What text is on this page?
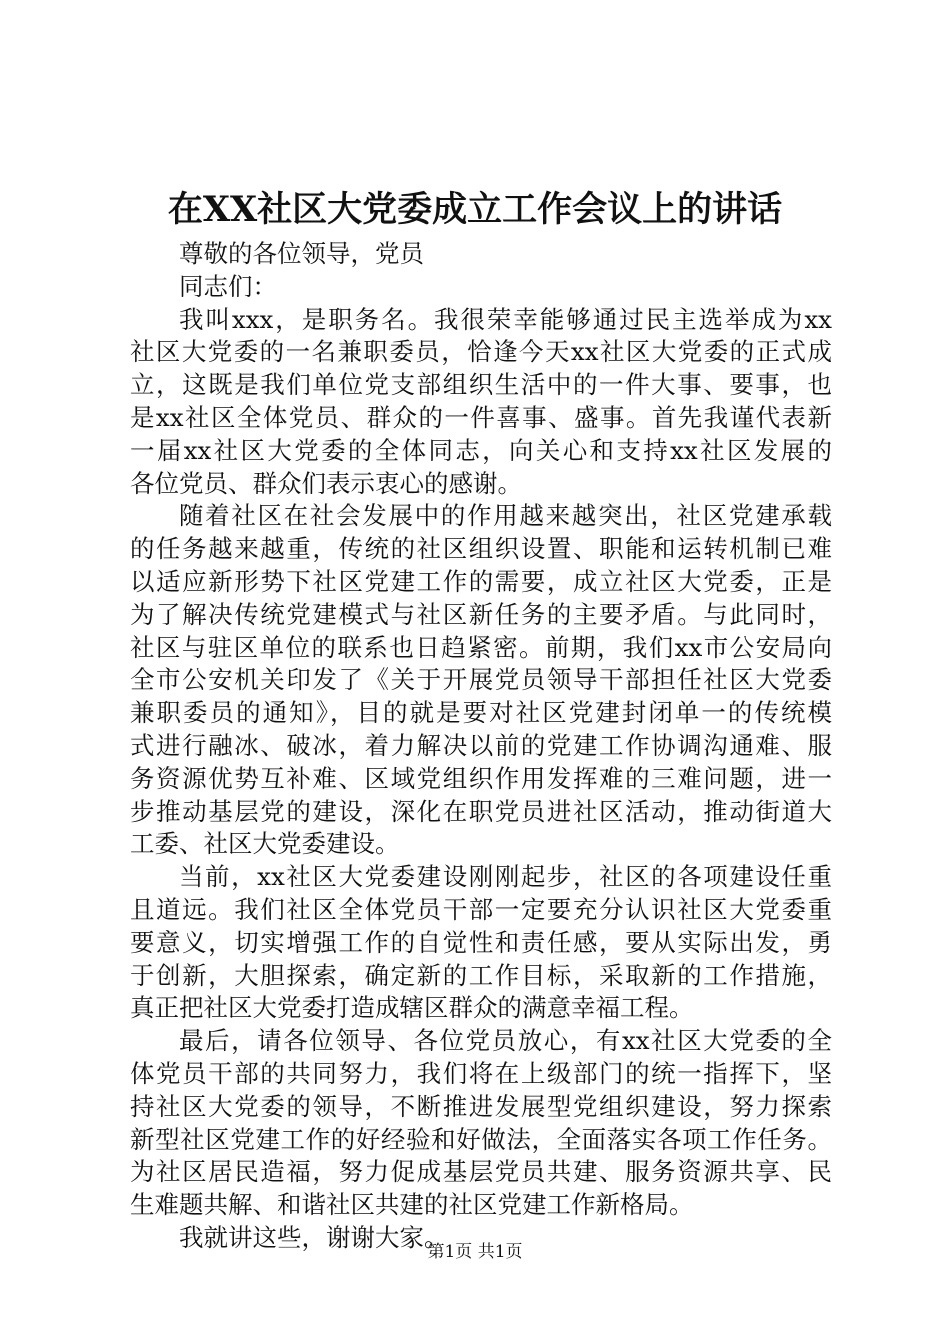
在XX社区大党委成立工作会议上的讲话
尊敬的各位领导，党员
同志们：
我叫xxx，是职务名。我很荣幸能够通过民主选举成为xx
社区大党委的一名兼职委员，恰逢今天xx社区大党委的正式成
立，这既是我们单位党支部组织生活中的一件大事、要事，也
是xx社区全体党员、群众的一件喜事、盛事。首先我谨代表新
一届xx社区大党委的全体同志，向关心和支持xx社区发展的
各位党员、群众们表示衷心的感谢。
随着社区在社会发展中的作用越来越突出，社区党建承载
的任务越来越重，传统的社区组织设置、职能和运转机制已难
以适应新形势下社区党建工作的需要，成立社区大党委，正是
为了解决传统党建模式与社区新任务的主要矛盾。与此同时，
社区与驻区单位的联系也日趋紧密。前期，我们xx市公安局向
全市公安机关印发了《关于开展党员领导干部担任社区大党委
兼职委员的通知》，目的就是要对社区党建封闭单一的传统模
式进行融冰、破冰，着力解决以前的党建工作协调沟通难、服
务资源优势互补难、区域党组织作用发挥难的三难问题，进一
步推动基层党的建设，深化在职党员进社区活动，推动街道大
工委、社区大党委建设。
当前，xx社区大党委建设刚刚起步，社区的各项建设任重
且道远。我们社区全体党员干部一定要充分认识社区大党委重
要意义，切实增强工作的自觉性和责任感，要从实际出发，勇
于创新，大胆探索，确定新的工作目标，采取新的工作措施，
真正把社区大党委打造成辖区群众的满意幸福工程。
最后，请各位领导、各位党员放心，有xx社区大党委的全
体党员干部的共同努力，我们将在上级部门的统一指挥下，坚
持社区大党委的领导，不断推进发展型党组织建设，努力探索
新型社区党建工作的好经验和好做法，全面落实各项工作任务。
为社区居民造福，努力促成基层党员共建、服务资源共享、民
生难题共解、和谐社区共建的社区党建工作新格局。
我就讲这些，谢谢大家。
第1页 共1页
